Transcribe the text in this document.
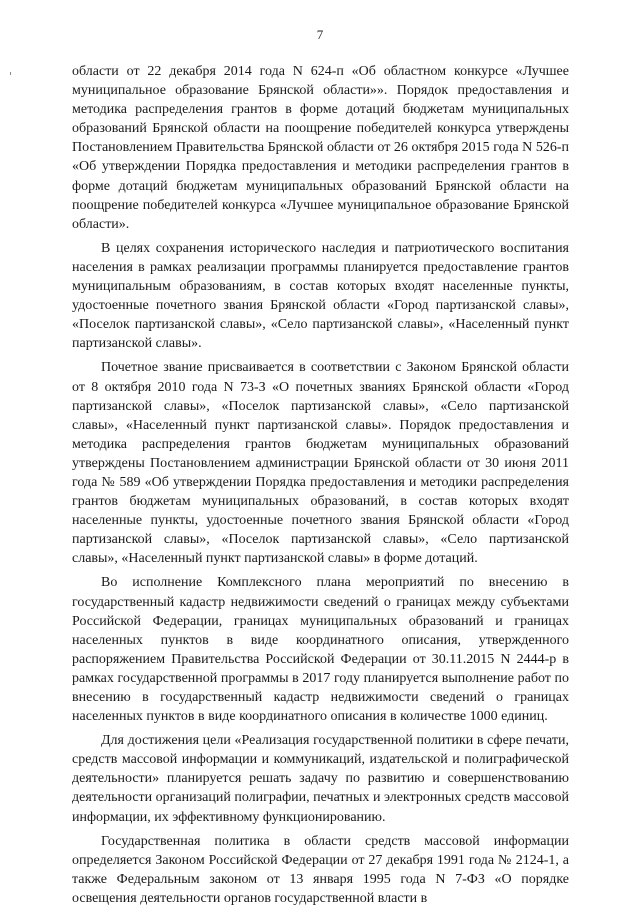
7

области от 22 декабря 2014 года N 624-п «Об областном конкурсе «Лучшее муниципальное образование Брянской области»». Порядок предоставления и методика распределения грантов в форме дотаций бюджетам муниципальных образований Брянской области на поощрение победителей конкурса утверждены Постановлением Правительства Брянской области от 26 октября 2015 года N 526-п «Об утверждении Порядка предоставления и методики распределения грантов в форме дотаций бюджетам муниципальных образований Брянской области на поощрение победителей конкурса «Лучшее муниципальное образование Брянской области».

В целях сохранения исторического наследия и патриотического воспитания населения в рамках реализации программы планируется предоставление грантов муниципальным образованиям, в состав которых входят населенные пункты, удостоенные почетного звания Брянской области «Город партизанской славы», «Поселок партизанской славы», «Село партизанской славы», «Населенный пункт партизанской славы».

Почетное звание присваивается в соответствии с Законом Брянской области от 8 октября 2010 года N 73-З «О почетных званиях Брянской области «Город партизанской славы», «Поселок партизанской славы», «Село партизанской славы», «Населенный пункт партизанской славы». Порядок предоставления и методика распределения грантов бюджетам муниципальных образований утверждены Постановлением администрации Брянской области от 30 июня 2011 года № 589 «Об утверждении Порядка предоставления и методики распределения грантов бюджетам муниципальных образований, в состав которых входят населенные пункты, удостоенные почетного звания Брянской области «Город партизанской славы», «Поселок партизанской славы», «Село партизанской славы», «Населенный пункт партизанской славы» в форме дотаций.

Во исполнение Комплексного плана мероприятий по внесению в государственный кадастр недвижимости сведений о границах между субъектами Российской Федерации, границах муниципальных образований и границах населенных пунктов в виде координатного описания, утвержденного распоряжением Правительства Российской Федерации от 30.11.2015 N 2444-р в рамках государственной программы в 2017 году планируется выполнение работ по внесению в государственный кадастр недвижимости сведений о границах населенных пунктов в виде координатного описания в количестве 1000 единиц.

Для достижения цели «Реализация государственной политики в сфере печати, средств массовой информации и коммуникаций, издательской и полиграфической деятельности» планируется решать задачу по развитию и совершенствованию деятельности организаций полиграфии, печатных и электронных средств массовой информации, их эффективному функционированию.

Государственная политика в области средств массовой информации определяется Законом Российской Федерации от 27 декабря 1991 года № 2124-1, а также Федеральным законом от 13 января 1995 года N 7-ФЗ «О порядке освещения деятельности органов государственной власти в
